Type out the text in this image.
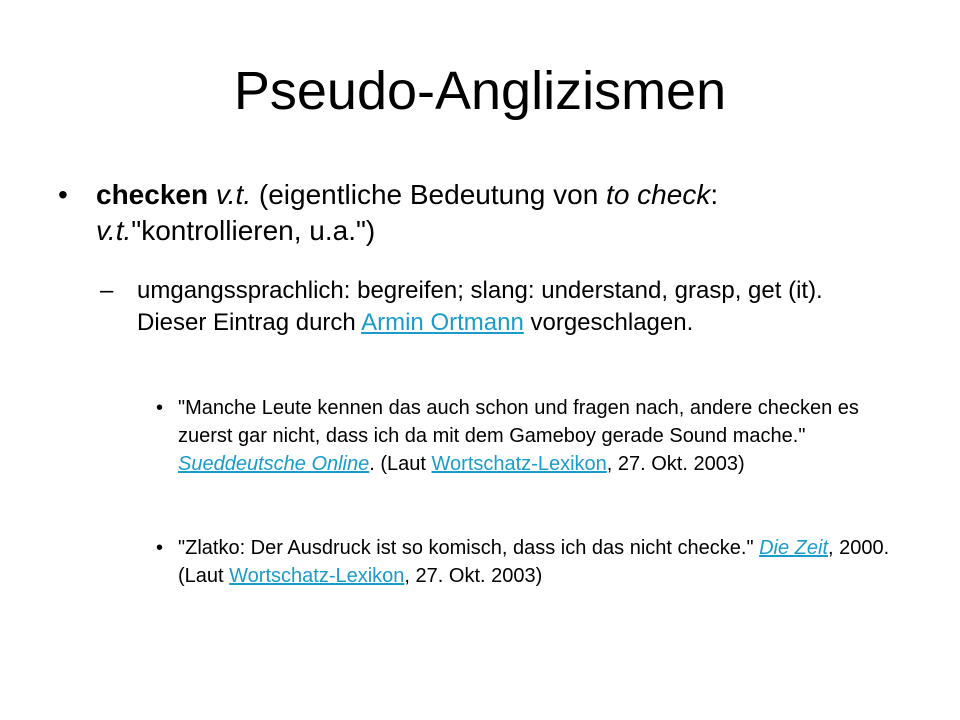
Pseudo-Anglizismen
• checken v.t. (eigentliche Bedeutung von to check: v.t."kontrollieren, u.a.")
– umgangssprachlich: begreifen; slang: understand, grasp, get (it). Dieser Eintrag durch Armin Ortmann vorgeschlagen.
• "Manche Leute kennen das auch schon und fragen nach, andere checken es zuerst gar nicht, dass ich da mit dem Gameboy gerade Sound mache." Sueddeutsche Online. (Laut Wortschatz-Lexikon, 27. Okt. 2003)
• "Zlatko: Der Ausdruck ist so komisch, dass ich das nicht checke." Die Zeit, 2000. (Laut Wortschatz-Lexikon, 27. Okt. 2003)
